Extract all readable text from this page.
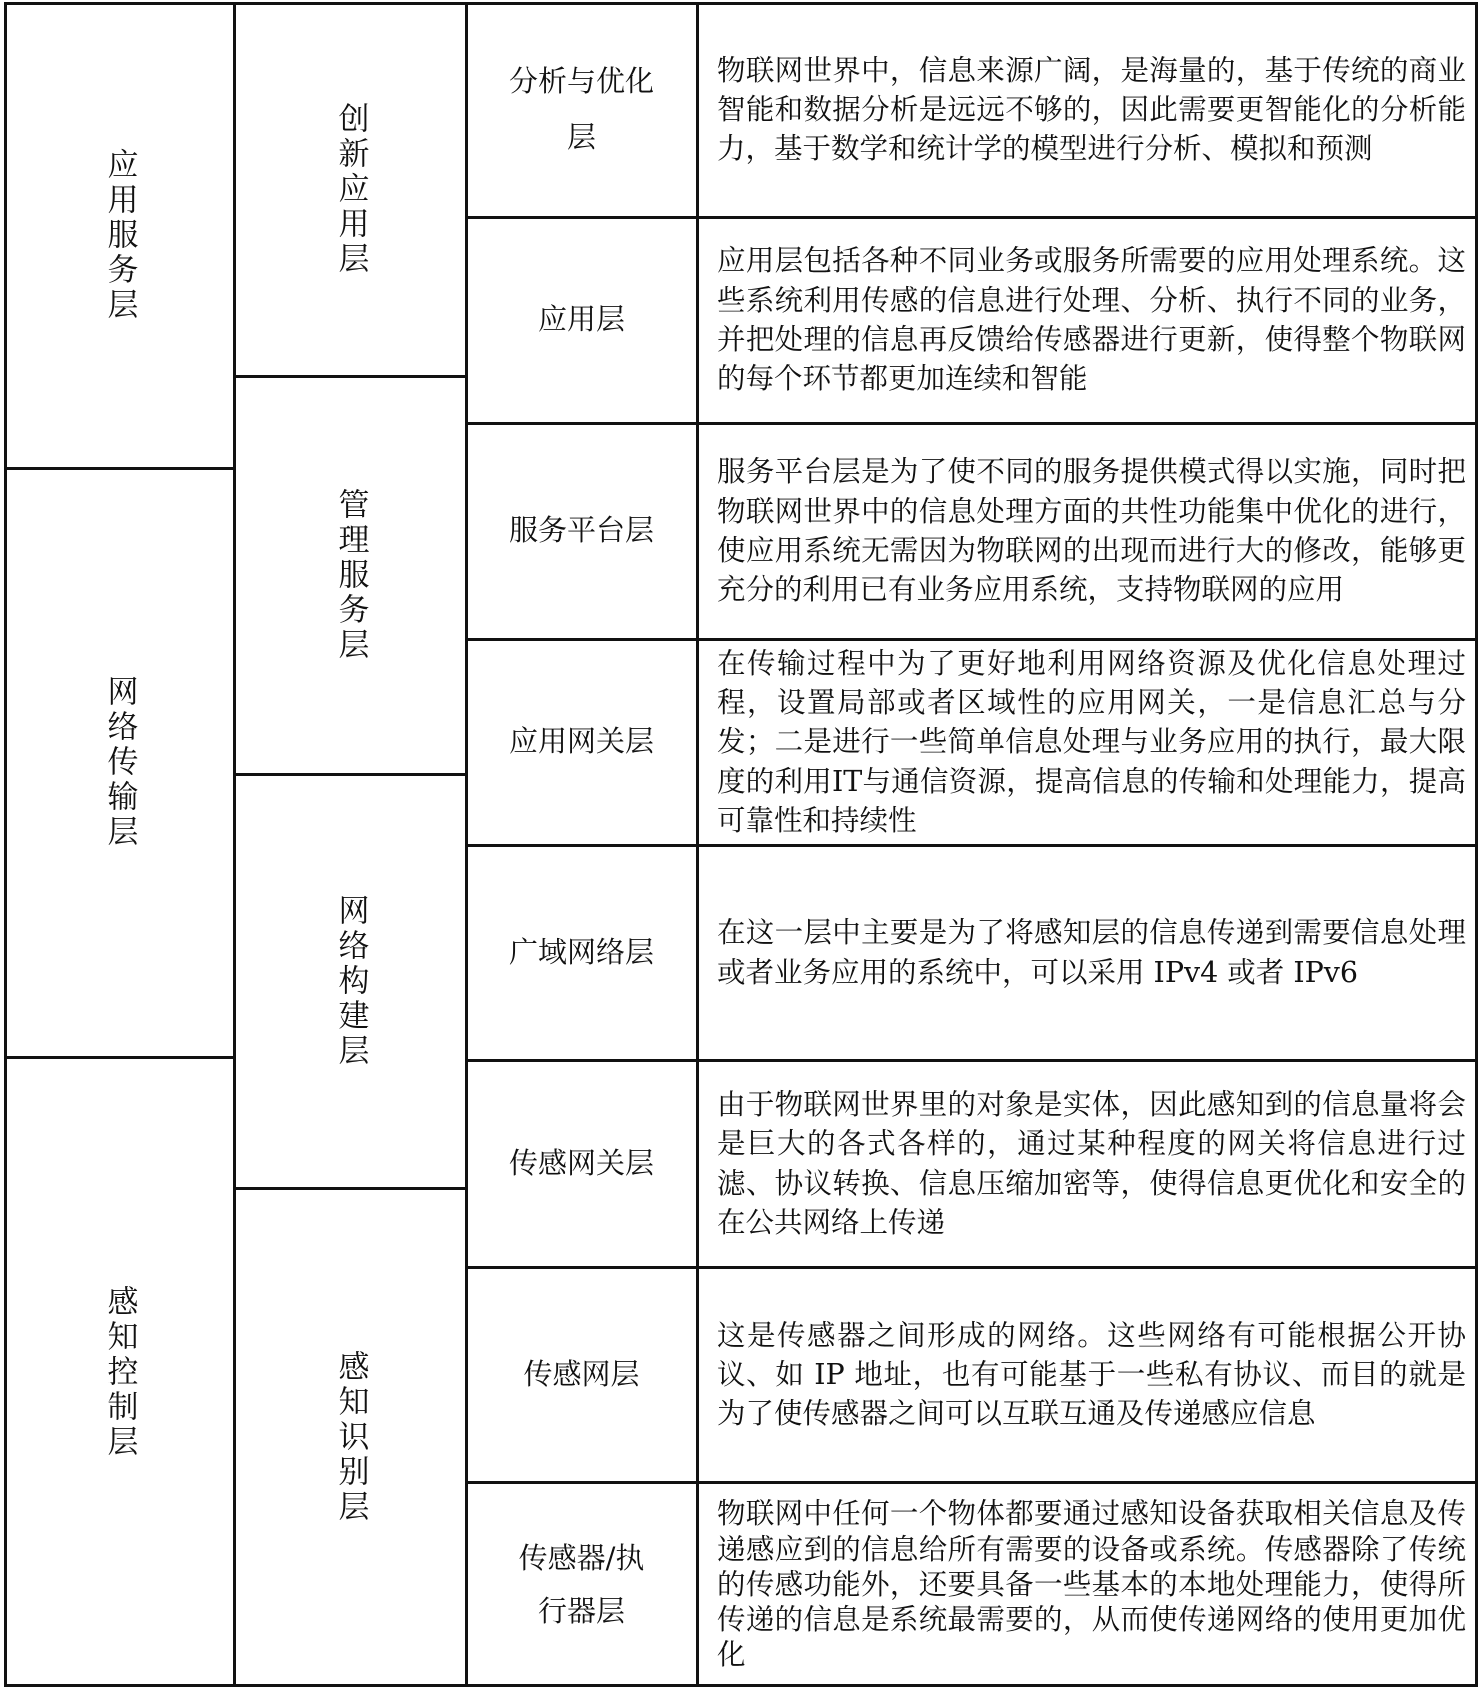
应用服务层
网络传输层
感知控制层
创新应用层
管理服务层
网络构建层
感知识别层
分析与优化层
物联网世界中，信息来源广阔，是海量的，基于传统的商业智能和数据分析是远远不够的，因此需要更智能化的分析能力，基于数学和统计学的模型进行分析、模拟和预测
应用层
应用层包括各种不同业务或服务所需要的应用处理系统。这些系统利用传感的信息进行处理、分析、执行不同的业务，并把处理的信息再反馈给传感器进行更新，使得整个物联网的每个环节都更加连续和智能
服务平台层
服务平台层是为了使不同的服务提供模式得以实施，同时把物联网世界中的信息处理方面的共性功能集中优化的进行，使应用系统无需因为物联网的出现而进行大的修改，能够更充分的利用已有业务应用系统，支持物联网的应用
应用网关层
在传输过程中为了更好地利用网络资源及优化信息处理过程，设置局部或者区域性的应用网关，一是信息汇总与分发；二是进行一些简单信息处理与业务应用的执行，最大限度的利用IT与通信资源，提高信息的传输和处理能力，提高可靠性和持续性
广域网络层
在这一层中主要是为了将感知层的信息传递到需要信息处理或者业务应用的系统中，可以采用 IPv4 或者 IPv6
传感网关层
由于物联网世界里的对象是实体，因此感知到的信息量将会是巨大的各式各样的，通过某种程度的网关将信息进行过滤、协议转换、信息压缩加密等，使得信息更优化和安全的在公共网络上传递
传感网层
这是传感器之间形成的网络。这些网络有可能根据公开协议、如 IP 地址，也有可能基于一些私有协议、而目的就是为了使传感器之间可以互联互通及传递感应信息
传感器/执行器层
物联网中任何一个物体都要通过感知设备获取相关信息及传递感应到的信息给所有需要的设备或系统。传感器除了传统的传感功能外，还要具备一些基本的本地处理能力，使得所传递的信息是系统最需要的，从而使传递网络的使用更加优化
